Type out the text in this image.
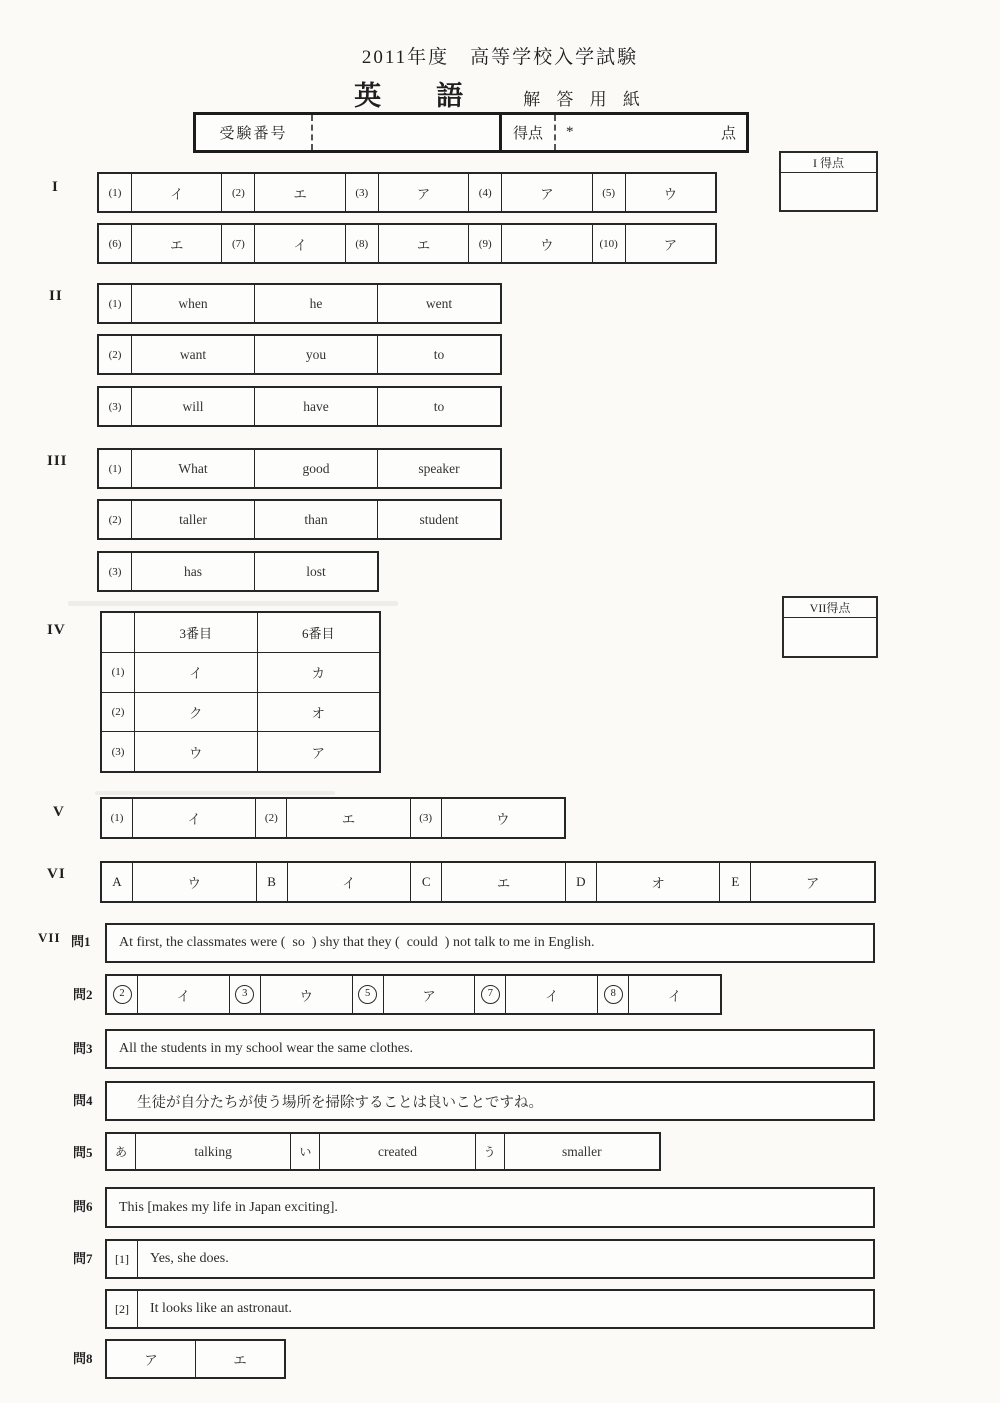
2011年度　高等学校入学試験
英　語	解 答 用 紙
受験番号	得点	*	点
I 得点
VII得点
I	(1)	イ	(2)	エ	(3)	ア	(4)	ア	(5)	ウ
(6)	エ	(7)	イ	(8)	エ	(9)	ウ	(10)	ア
II	(1)	when	he	went
(2)	want	you	to
(3)	will	have	to
III	(1)	What	good	speaker
(2)	taller	than	student
(3)	has	lost
IV	3番目	6番目
(1)	イ	カ
(2)	ク	オ
(3)	ウ	ア
V	(1)	イ	(2)	エ	(3)	ウ
VI	A	ウ	B	イ	C	エ	D	オ	E	ア
VII 問1	At first, the classmates were (  so  ) shy that they (  could  ) not talk to me in English.
問2	2	イ	3	ウ	5	ア	7	イ	8	イ
問3	All the students in my school wear the same clothes.
問4	生徒が自分たちが使う場所を掃除することは良いことですね。
問5	あ	talking	い	created	う	smaller
問6	This [makes my life in Japan exciting].
問7	[1]	Yes, she does.
[2]	It looks like an astronaut.
問8	ア	エ
